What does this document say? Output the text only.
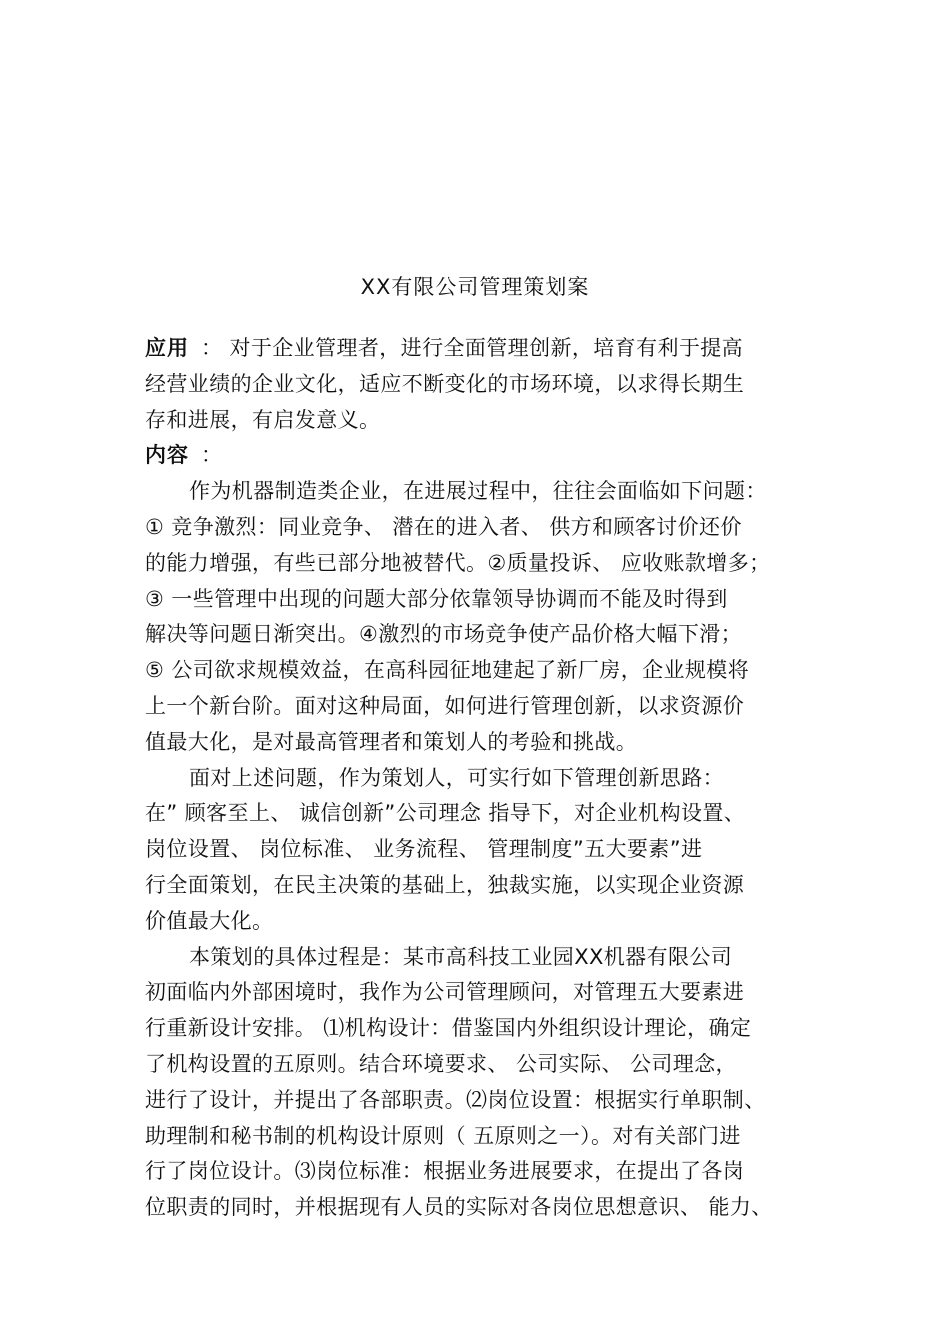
XX有限公司管理策划案
应用 ： 对于企业管理者，进行全面管理创新，培育有利于提高
经营业绩的企业文化，适应不断变化的市场环境，以求得长期生
存和进展，有启发意义。
内容 ：
作为机器制造类企业，在进展过程中，往往会面临如下问题：
① 竞争激烈：同业竞争、 潜在的进入者、 供方和顾客讨价还价
的能力增强，有些已部分地被替代。②质量投诉、 应收账款增多；
③ 一些管理中出现的问题大部分依靠领导协调而不能及时得到
解决等问题日渐突出。④激烈的市场竞争使产品价格大幅下滑；
⑤ 公司欲求规模效益，在高科园征地建起了新厂房，企业规模将
上一个新台阶。面对这种局面，如何进行管理创新，以求资源价
值最大化，是对最高管理者和策划人的考验和挑战。
面对上述问题，作为策划人，可实行如下管理创新思路：
在” 顾客至上、 诚信创新”公司理念 指导下，对企业机构设置、
岗位设置、 岗位标准、 业务流程、 管理制度”五大要素”进
行全面策划，在民主决策的基础上，独裁实施，以实现企业资源
价值最大化。
本策划的具体过程是：某市高科技工业园XX机器有限公司
初面临内外部困境时，我作为公司管理顾问，对管理五大要素进
行重新设计安排。 ⑴机构设计：借鉴国内外组织设计理论，确定
了机构设置的五原则。结合环境要求、 公司实际、 公司理念，
进行了设计，并提出了各部职责。⑵岗位设置：根据实行单职制、
助理制和秘书制的机构设计原则（ 五原则之一）。对有关部门进
行了岗位设计。⑶岗位标准：根据业务进展要求，在提出了各岗
位职责的同时，并根据现有人员的实际对各岗位思想意识、 能力、
